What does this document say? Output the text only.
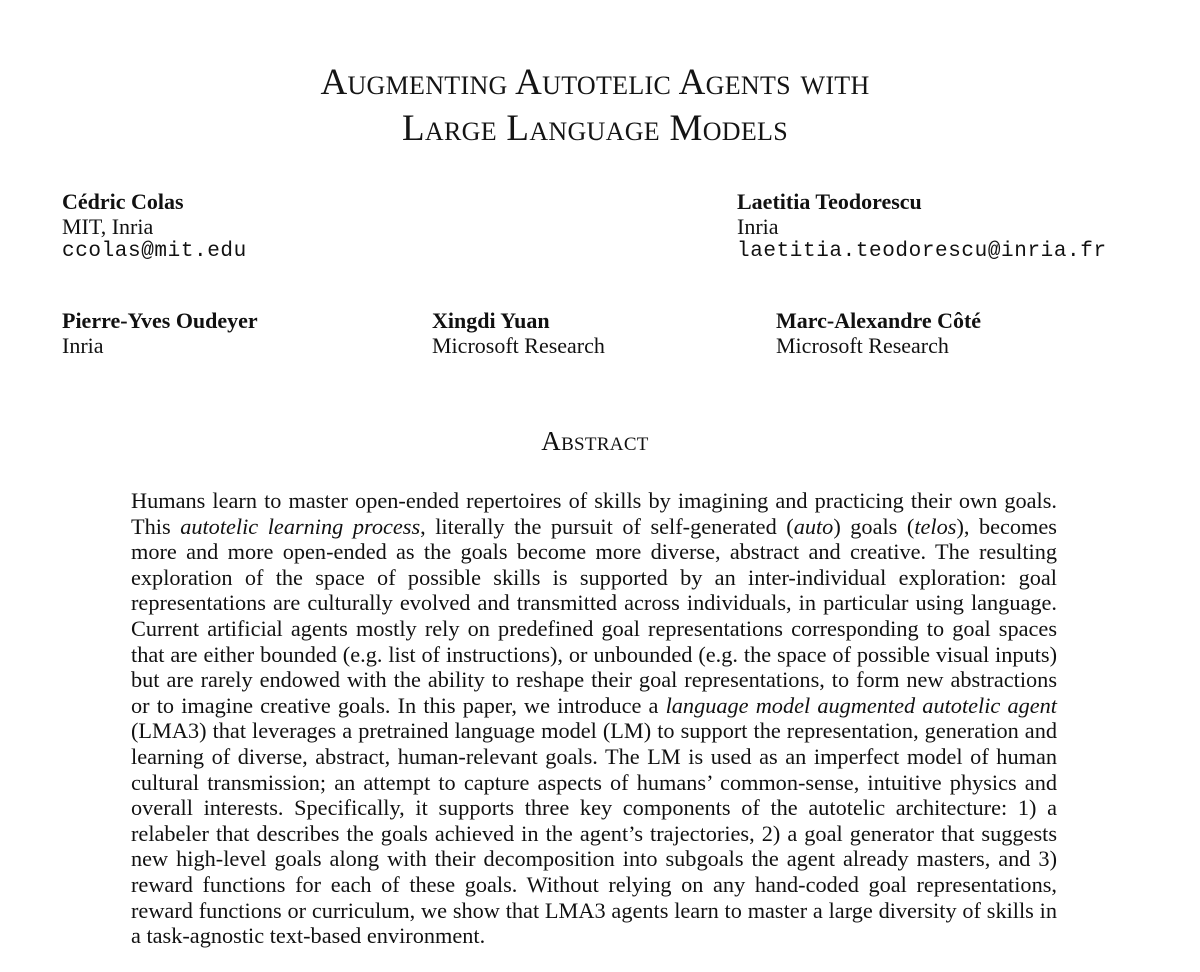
Augmenting Autotelic Agents with
Large Language Models
Cédric Colas
MIT, Inria
ccolas@mit.edu
Laetitia Teodorescu
Inria
laetitia.teodorescu@inria.fr
Pierre-Yves Oudeyer
Inria
Xingdi Yuan
Microsoft Research
Marc-Alexandre Côté
Microsoft Research
Abstract
Humans learn to master open-ended repertoires of skills by imagining and practicing their own goals. This autotelic learning process, literally the pursuit of self-generated (auto) goals (telos), becomes more and more open-ended as the goals become more diverse, abstract and creative. The resulting exploration of the space of possible skills is supported by an inter-individual exploration: goal representations are culturally evolved and transmitted across individuals, in particular using language. Current artificial agents mostly rely on predefined goal representations corresponding to goal spaces that are either bounded (e.g. list of instructions), or unbounded (e.g. the space of possible visual inputs) but are rarely endowed with the ability to reshape their goal representations, to form new abstractions or to imagine creative goals. In this paper, we introduce a language model augmented autotelic agent (LMA3) that leverages a pretrained language model (LM) to support the representation, generation and learning of diverse, abstract, human-relevant goals. The LM is used as an imperfect model of human cultural transmission; an attempt to capture aspects of humans’ common-sense, intuitive physics and overall interests. Specifically, it supports three key components of the autotelic architecture: 1) a relabeler that describes the goals achieved in the agent’s trajectories, 2) a goal generator that suggests new high-level goals along with their decomposition into subgoals the agent already masters, and 3) reward functions for each of these goals. Without relying on any hand-coded goal representations, reward functions or curriculum, we show that LMA3 agents learn to master a large diversity of skills in a task-agnostic text-based environment.
